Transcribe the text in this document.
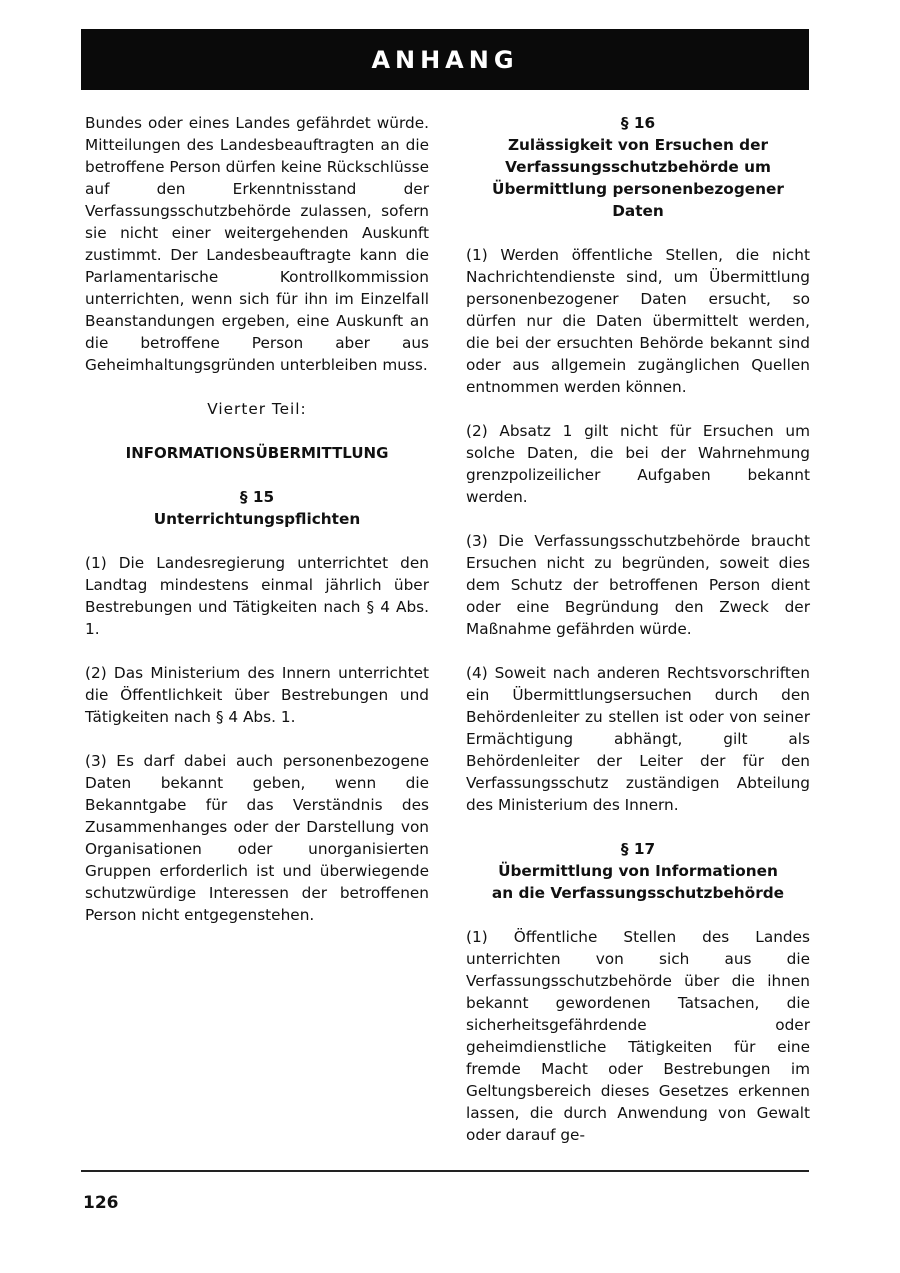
ANHANG

Bundes oder eines Landes gefährdet würde. Mitteilungen des Landesbeauftragten an die betroffene Person dürfen keine Rückschlüsse auf den Erkenntnisstand der Verfassungsschutzbehörde zulassen, sofern sie nicht einer weitergehenden Auskunft zustimmt. Der Landesbeauftragte kann die Parlamentarische Kontrollkommission unterrichten, wenn sich für ihn im Einzelfall Beanstandungen ergeben, eine Auskunft an die betroffene Person aber aus Geheimhaltungsgründen unterbleiben muss.

Vierter Teil:

INFORMATIONSÜBERMITTLUNG

§ 15

Unterrichtungspflichten

(1) Die Landesregierung unterrichtet den Landtag mindestens einmal jährlich über Bestrebungen und Tätigkeiten nach § 4 Abs. 1.

(2) Das Ministerium des Innern unterrichtet die Öffentlichkeit über Bestrebungen und Tätigkeiten nach § 4 Abs. 1.

(3) Es darf dabei auch personenbezogene Daten bekannt geben, wenn die Bekanntgabe für das Verständnis des Zusammenhanges oder der Darstellung von Organisationen oder unorganisierten Gruppen erforderlich ist und überwiegende schutzwürdige Interessen der betroffenen Person nicht entgegenstehen.

§ 16

Zulässigkeit von Ersuchen der Verfassungsschutzbehörde um Übermittlung personenbezogener Daten

(1) Werden öffentliche Stellen, die nicht Nachrichtendienste sind, um Übermittlung personenbezogener Daten ersucht, so dürfen nur die Daten übermittelt werden, die bei der ersuchten Behörde bekannt sind oder aus allgemein zugänglichen Quellen entnommen werden können.

(2) Absatz 1 gilt nicht für Ersuchen um solche Daten, die bei der Wahrnehmung grenzpolizeilicher Aufgaben bekannt werden.

(3) Die Verfassungsschutzbehörde braucht Ersuchen nicht zu begründen, soweit dies dem Schutz der betroffenen Person dient oder eine Begründung den Zweck der Maßnahme gefährden würde.

(4) Soweit nach anderen Rechtsvorschriften ein Übermittlungsersuchen durch den Behördenleiter zu stellen ist oder von seiner Ermächtigung abhängt, gilt als Behördenleiter der Leiter der für den Verfassungsschutz zuständigen Abteilung des Ministerium des Innern.

§ 17

Übermittlung von Informationen

an die Verfassungsschutzbehörde

(1) Öffentliche Stellen des Landes unterrichten von sich aus die Verfassungsschutzbehörde über die ihnen bekannt gewordenen Tatsachen, die sicherheitsgefährdende oder geheimdienstliche Tätigkeiten für eine fremde Macht oder Bestrebungen im Geltungsbereich dieses Gesetzes erkennen lassen, die durch Anwendung von Gewalt oder darauf ge-

126
